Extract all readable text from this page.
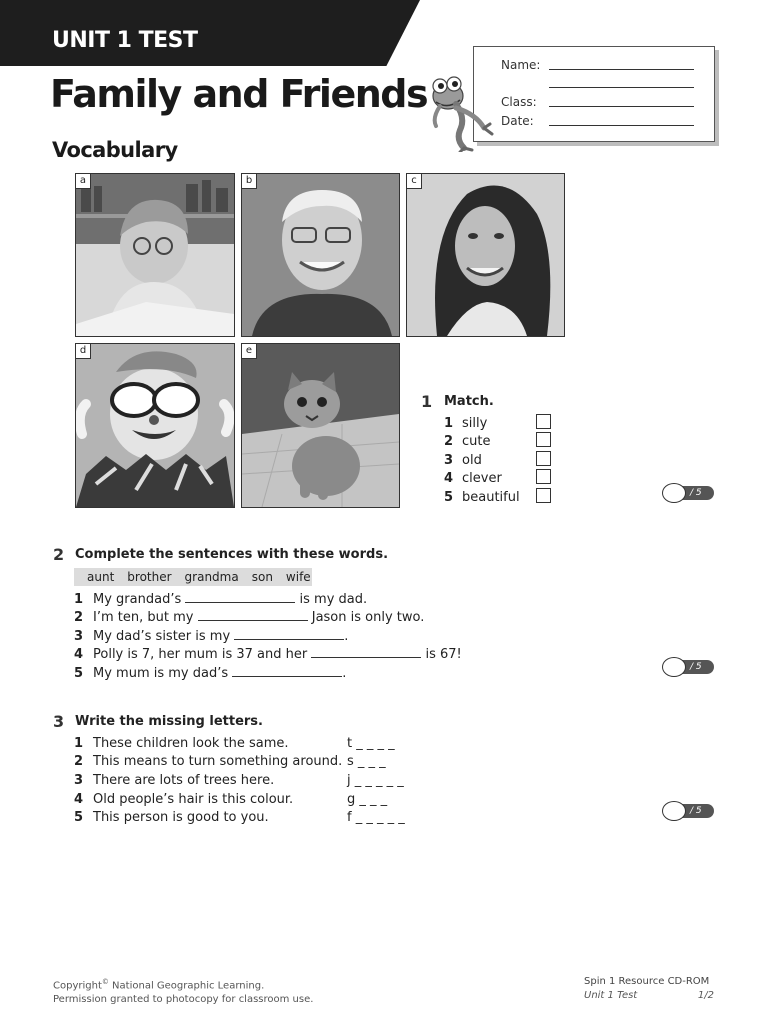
UNIT 1 TEST
Family and Friends
Vocabulary
Name:
Class:
Date:
a	b	c
d	e
1 Match.
1 silly
2 cute
3 old
4 clever
5 beautiful	/ 5
2 Complete the sentences with these words.
aunt brother grandma son wife
1 My grandad’s	is my dad.
2 I’m ten, but my	Jason is only two.
3 My dad’s sister is my	.
4 Polly is 7, her mum is 37 and her	is 67!
5 My mum is my dad’s	.	/ 5
3 Write the missing letters.
1 These children look the same.	t _ _ _ _
2 This means to turn something around. s _ _ _
3 There are lots of trees here.	j _ _ _ _ _
4 Old people’s hair is this colour.	g _ _ _
5 This person is good to you.	f _ _ _ _ _	/ 5
Copyright© National Geographic Learning.
Permission granted to photocopy for classroom use.
Spin 1 Resource CD-ROM
Unit 1 Test	1/2
